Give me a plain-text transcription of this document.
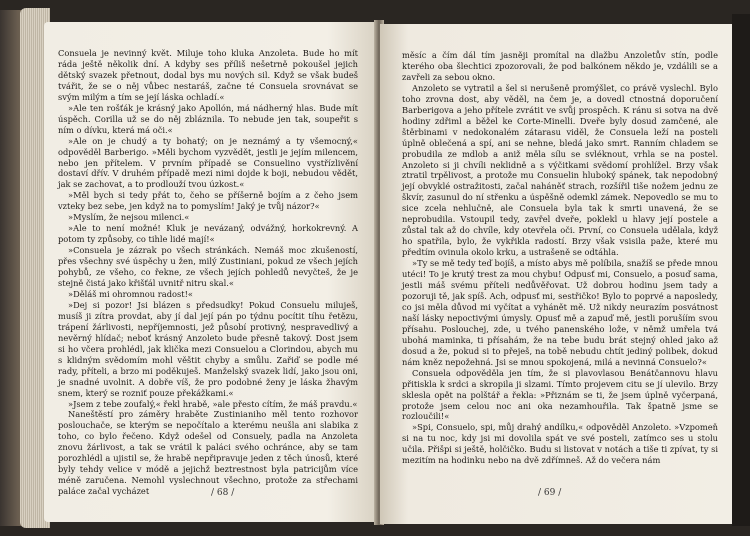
Consuela je nevinný květ. Miluje toho kluka Anzoleta. Bude ho mít ráda ještě několik dní. A kdyby ses příliš nešetrně pokoušel jejich dětský svazek přetnout, dodal bys mu nových sil. Když se však budeš tvářit, že se o něj vůbec nestaráš, začne té Consuela srovnávat se svým milým a tím se její láska ochladí.«

»Ale ten rošťák je krásný jako Apollón, má nádherný hlas. Bude mít úspěch. Corilla už se do něj zbláznila. To nebude jen tak, soupeřit s ním o dívku, která má oči.«

»Ale on je chudý a ty bohatý; on je neznámý a ty všemocný,« odpověděl Barberigo. »Měli bychom vyzvědět, jestli je jejím milencem, nebo jen přítelem. V prvním případě se Consuelino vystřízlivění dostaví dřív. V druhém případě mezi nimi dojde k boji, nebudou vědět, jak se zachovat, a to prodlouží tvou úzkost.«

»Měl bych si tedy přát to, čeho se příšerně bojím a z čeho jsem vzteky bez sebe, jen když na to pomyslím! Jaký je tvůj názor?«

»Myslím, že nejsou milenci.«

»Ale to není možné! Kluk je nevázaný, odvážný, horkokrevný. A potom ty způsoby, co tihle lidé mají!«

»Consuela je zázrak po všech stránkách. Nemáš moc zkušeností, přes všechny své úspěchy u žen, milý Zustiniani, pokud ze všech jejích pohybů, ze všeho, co řekne, ze všech jejích pohledů nevyčteš, že je stejně čistá jako křišťál uvnitř nitru skal.«

»Děláš mi ohromnou radost!«

»Dej si pozor! Jsi blázen s předsudky! Pokud Consuelu miluješ, musíš ji zítra provdat, aby jí dal její pán po týdnu pocítit tíhu řetězu, trápení žárlivosti, nepříjemnosti, jež působí protivný, nespravedlivý a nevěrný hlídač; neboť krásný Anzoleto bude přesně takový. Dost jsem si ho včera prohlédl, jak klička mezi Consuelou a Clorindou, abych mu s klidným svědomím mohl věštit chyby a smůlu. Zařiď se podle mé rady, příteli, a brzo mi poděkuješ. Manželský svazek lidí, jako jsou oni, je snadné uvolnit. A dobře víš, že pro podobné ženy je láska žhavým snem, který se rozniť pouze překážkami.«

»Jsem z tebe zoufalý,« řekl hrabě, »ale přesto cítím, že máš pravdu.«

Naneštěstí pro záměry hraběte Zustinianiho měl tento rozhovor poslouchače, se kterým se nepočítalo a kterému neušla ani slabika z toho, co bylo řečeno. Když odešel od Consuely, padla na Anzoleta znovu žárlivost, a tak se vrátil k paláci svého ochránce, aby se tam porozhlédl a ujistil se, že hrabě nepřipravuje jeden z těch únosů, které byly tehdy velice v módě a jejichž beztrestnost byla patricijům více méně zaručena. Nemohl vyslechnout všechno, protože za střechami paláce začal vycházet	/ 68 /

měsíc a čím dál tím jasněji promítal na dlažbu Anzoletův stín, podle kterého oba šlechtici zpozorovali, že pod balkónem někdo je, vzdálili se a zavřeli za sebou okno.

Anzoleto se vytratil a šel si nerušeně promýšlet, co právě vyslechl. Bylo toho zrovna dost, aby věděl, na čem je, a dovedl ctnostná doporučení Barberigova a jeho přítele zvrátit ve svůj prospěch. K ránu si sotva na dvě hodiny zdřiml a běžel ke Corte-Minelli. Dveře byly dosud zamčené, ale štěrbinami v nedokonalém zátarasu viděl, že Consuela leží na posteli úplně oblečená a spí, ani se nehne, bledá jako smrt. Ranním chladem se probudila ze mdlob a aniž měla sílu se svléknout, vrhla se na postel. Anzoleto si ji chvíli neklidně a s výčitkami svědomí prohlížel. Brzy však ztratil trpělivost, a protože mu Consuelin hluboký spánek, tak nepodobný její obvyklé ostražitosti, začal naháněť strach, rozšířil tiše nožem jednu ze škvír, zasunul do ní střenku a úspěšně odemkl zámek. Nepovedlo se mu to sice zcela nehlučně, ale Consuela byla tak k smrti unavená, že se neprobudila. Vstoupil tedy, zavřel dveře, poklekl u hlavy její postele a zůstal tak až do chvíle, kdy otevřela oči. První, co Consuela udělala, když ho spatřila, bylo, že vykřikla radostí. Brzy však vsisila paže, které mu předtím ovinula okolo krku, a ustrašeně se odtáhla.

»Ty se mě tedy teď bojíš, a místo abys mě políbila, snažíš se přede mnou utéci! To je krutý trest za mou chybu! Odpusť mi, Consuelo, a posuď sama, jestli máš svému příteli nedůvěřovat. Už dobrou hodinu jsem tady a pozoruji tě, jak spíš. Ach, odpusť mi, sestřičko! Bylo to poprvé a naposledy, co jsi měla důvod mi vyčítat a vyhánět mě. Už nikdy neurazím posvátnost naší lásky nepoctivými úmysly. Opusť mě a zapuď mě, jestli porušíím svou přísahu. Poslouchej, zde, u tvého panenského lože, v němž umřela tvá ubohá maminka, ti přísahám, že na tebe budu brát stejný ohled jako až dosud a že, pokud si to přeješ, na tobě nebudu chtít jediný polibek, dokud nám kněz nepožehná. Jsi se mnou spokojená, milá a nevinná Consuelo?«

Consuela odpověděla jen tím, že si plavovlasou Benátčannovu hlavu přitiskla k srdci a skropila ji slzami. Tímto projevem citu se jí ulevilo. Brzy sklesla opět na polštář a řekla: »Přiznám se ti, že jsem úplně vyčerpaná, protože jsem celou noc ani oka nezamhouřila. Tak špatně jsme se rozloučili!«

»Spi, Consuelo, spi, můj drahý andílku,« odpověděl Anzoleto. »Vzpomeň si na tu noc, kdy jsi mi dovolila spát ve své posteli, zatímco ses u stolu učila. Přišpi si ještě, holčičko. Budu si listovat v notách a tiše ti zpívat, ty si mezitím na hodinku nebo na dvě zdřímneš. Až do večera nám

/ 69 /
